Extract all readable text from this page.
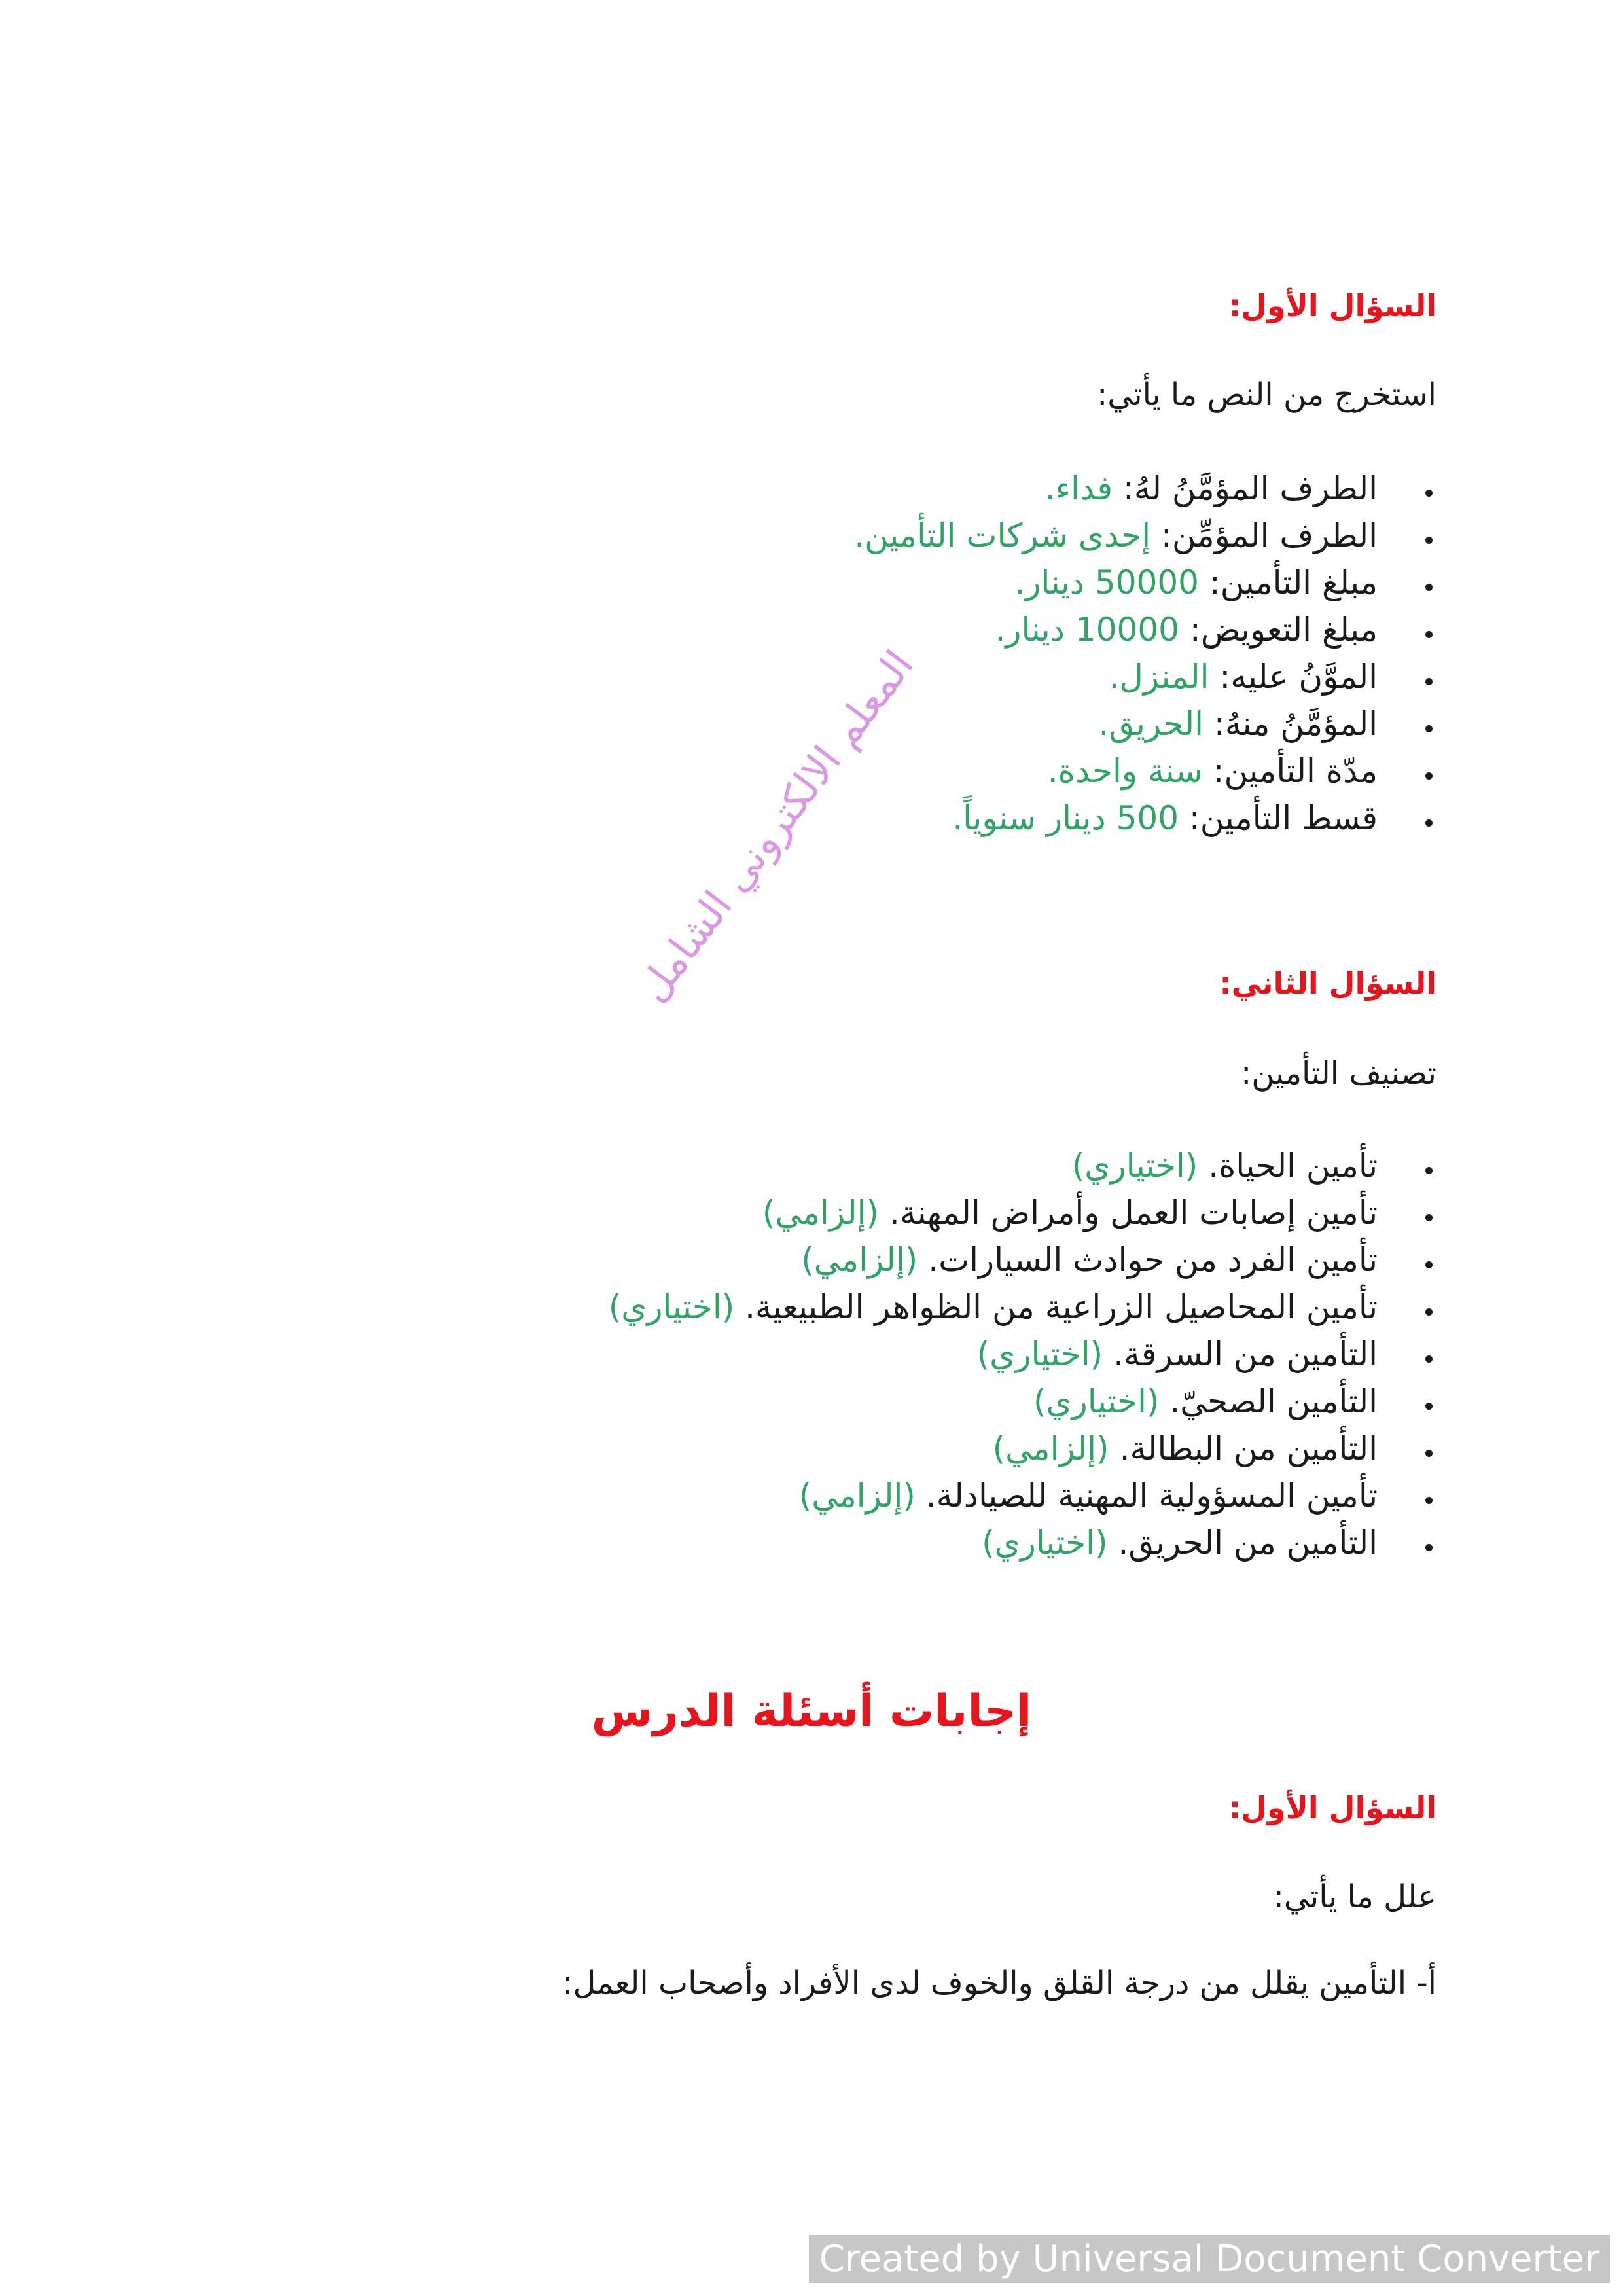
السؤال الأول:

استخرج من النص ما يأتي:

الطرف المؤمَّنُ لهُ: فداء.
الطرف المؤمِّن: إحدى شركات التأمين.
مبلغ التأمين: 50000 دينار.
مبلغ التعويض: 10000 دينار.
الموَّنُ عليه: المنزل.
المؤمَّنُ منهُ: الحريق.
مدّة التأمين: سنة واحدة.
قسط التأمين: 500 دينار سنوياً.
السؤال الثاني:

تصنيف التأمين:

تأمين الحياة. (اختياري)
تأمين إصابات العمل وأمراض المهنة. (إلزامي)
تأمين الفرد من حوادث السيارات. (إلزامي)
تأمين المحاصيل الزراعية من الظواهر الطبيعية. (اختياري)
التأمين من السرقة. (اختياري)
التأمين الصحيّ. (اختياري)
التأمين من البطالة. (إلزامي)
تأمين المسؤولية المهنية للصيادلة. (إلزامي)
التأمين من الحريق. (اختياري)
إجابات أسئلة الدرس
السؤال الأول:

علل ما يأتي:

أ- التأمين يقلل من درجة القلق والخوف لدى الأفراد وأصحاب العمل:

المعلم الالكتروني الشامل
Created by Universal Document Converter
